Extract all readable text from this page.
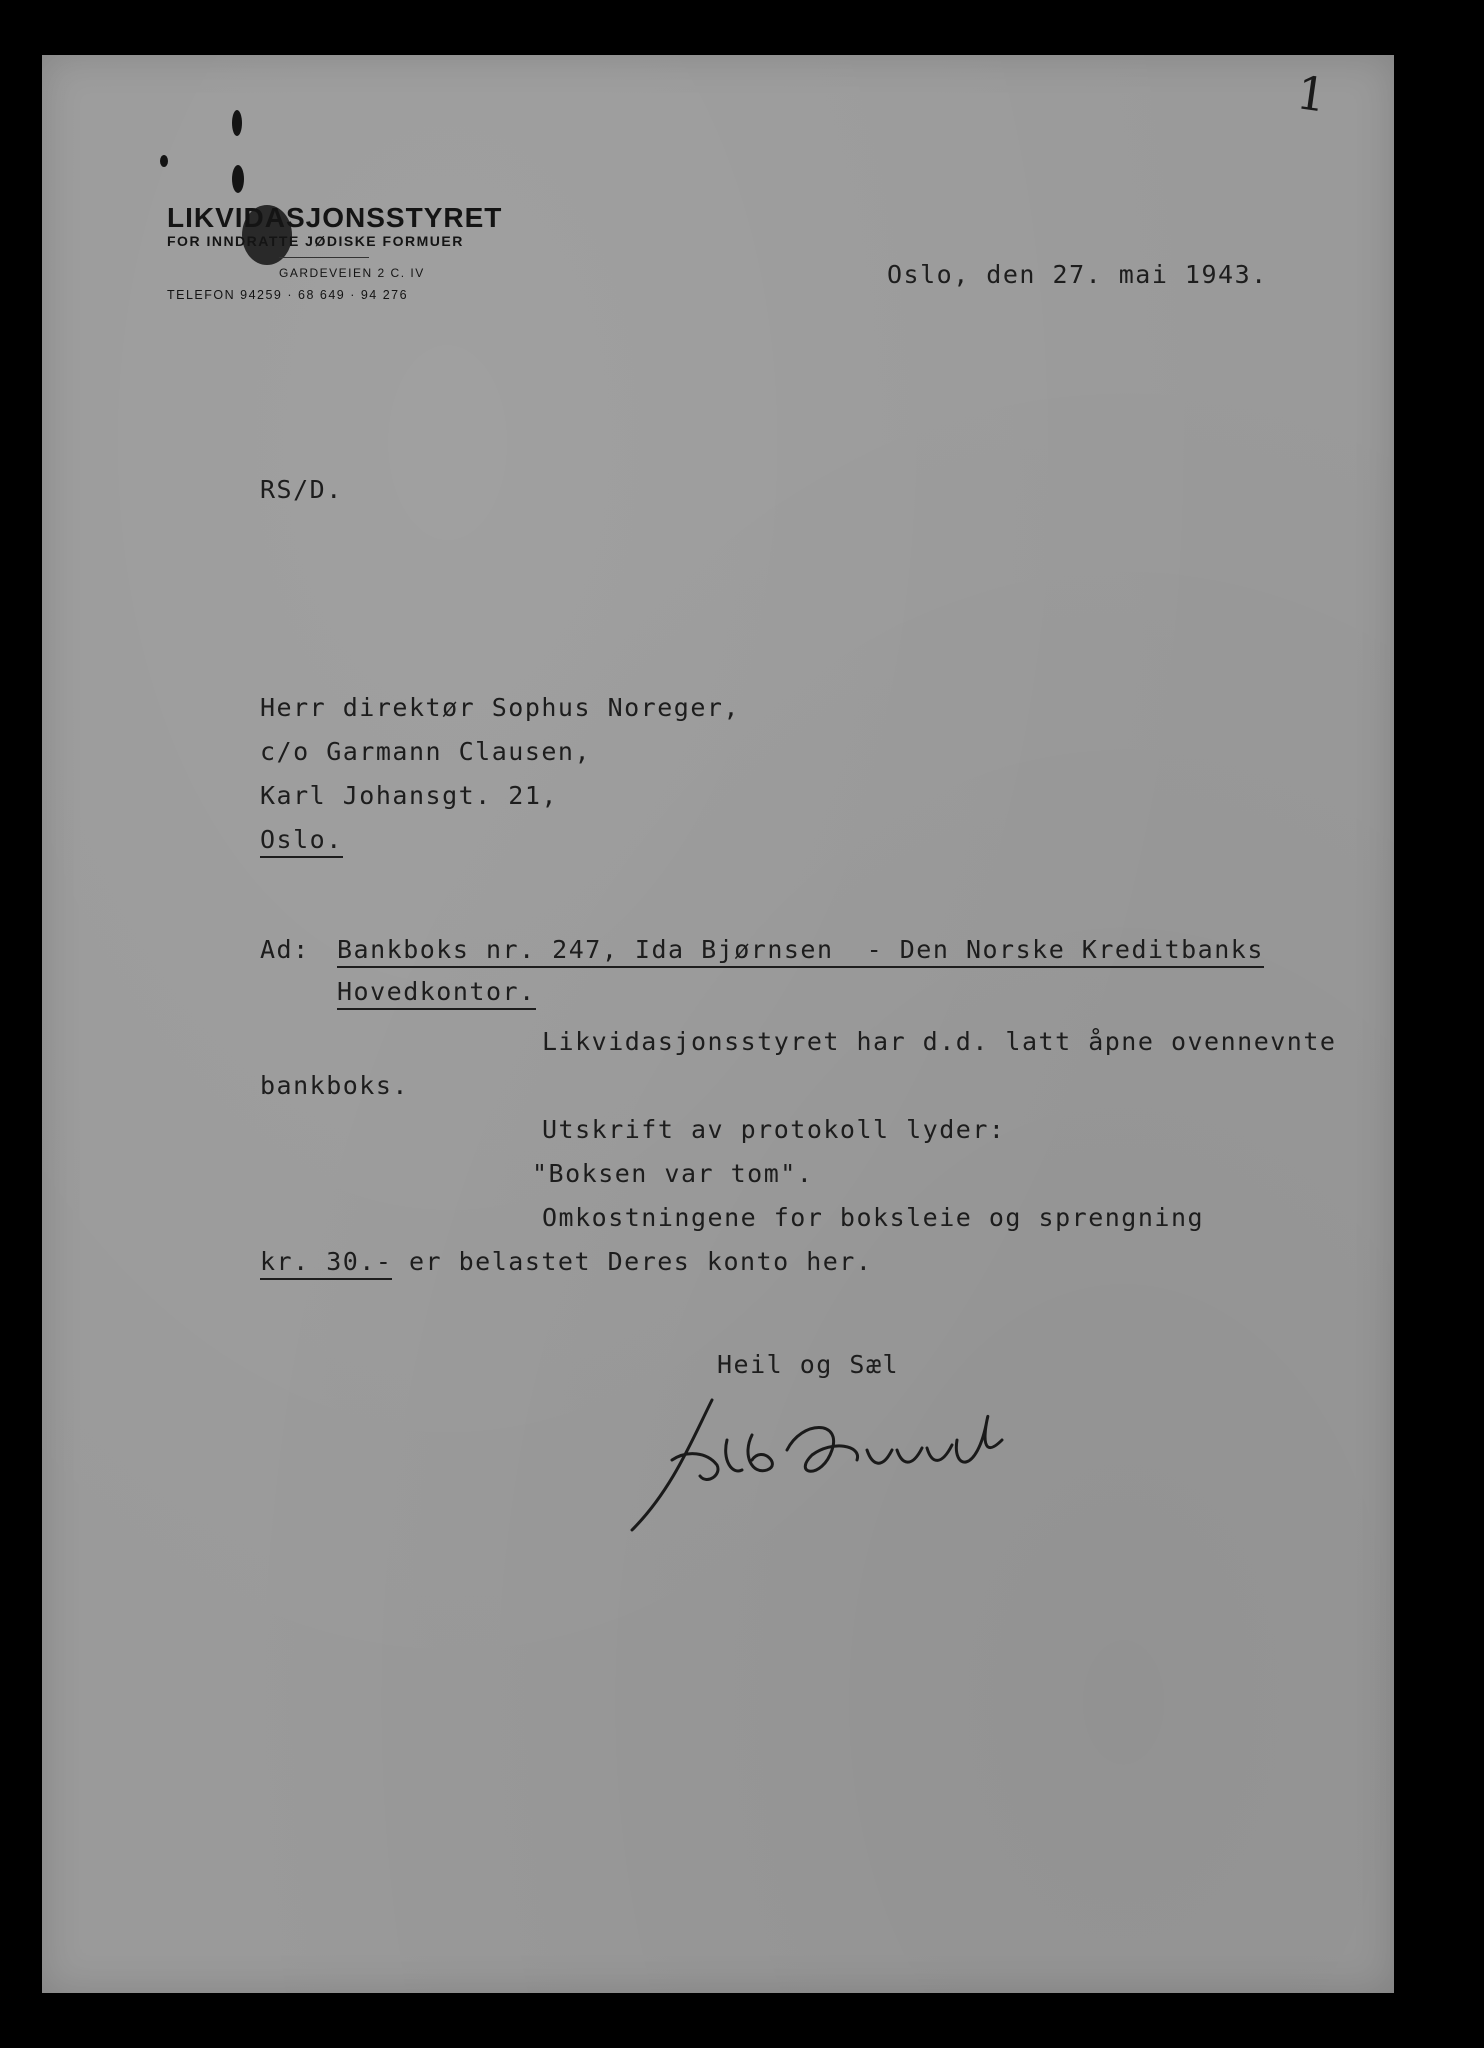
1
LIKVIDASJONSSTYRET
FOR INNDRATTE JØDISKE FORMUER
GARDEVEIEN 2 C. IV
TELEFON 94259 · 68 649 · 94 276
Oslo, den 27. mai 1943.
RS/D.
Herr direktør Sophus Noreger,
c/o Garmann Clausen,
Karl Johansgt. 21,
Oslo.
Ad: Bankboks nr. 247, Ida Bjørnsen  - Den Norske Kreditbanks
Hovedkontor.
Likvidasjonsstyret har d.d. latt åpne ovennevnte
bankboks.
Utskrift av protokoll lyder:
"Boksen var tom".
Omkostningene for boksleie og sprengning
kr. 30.- er belastet Deres konto her.
Heil og Sæl
